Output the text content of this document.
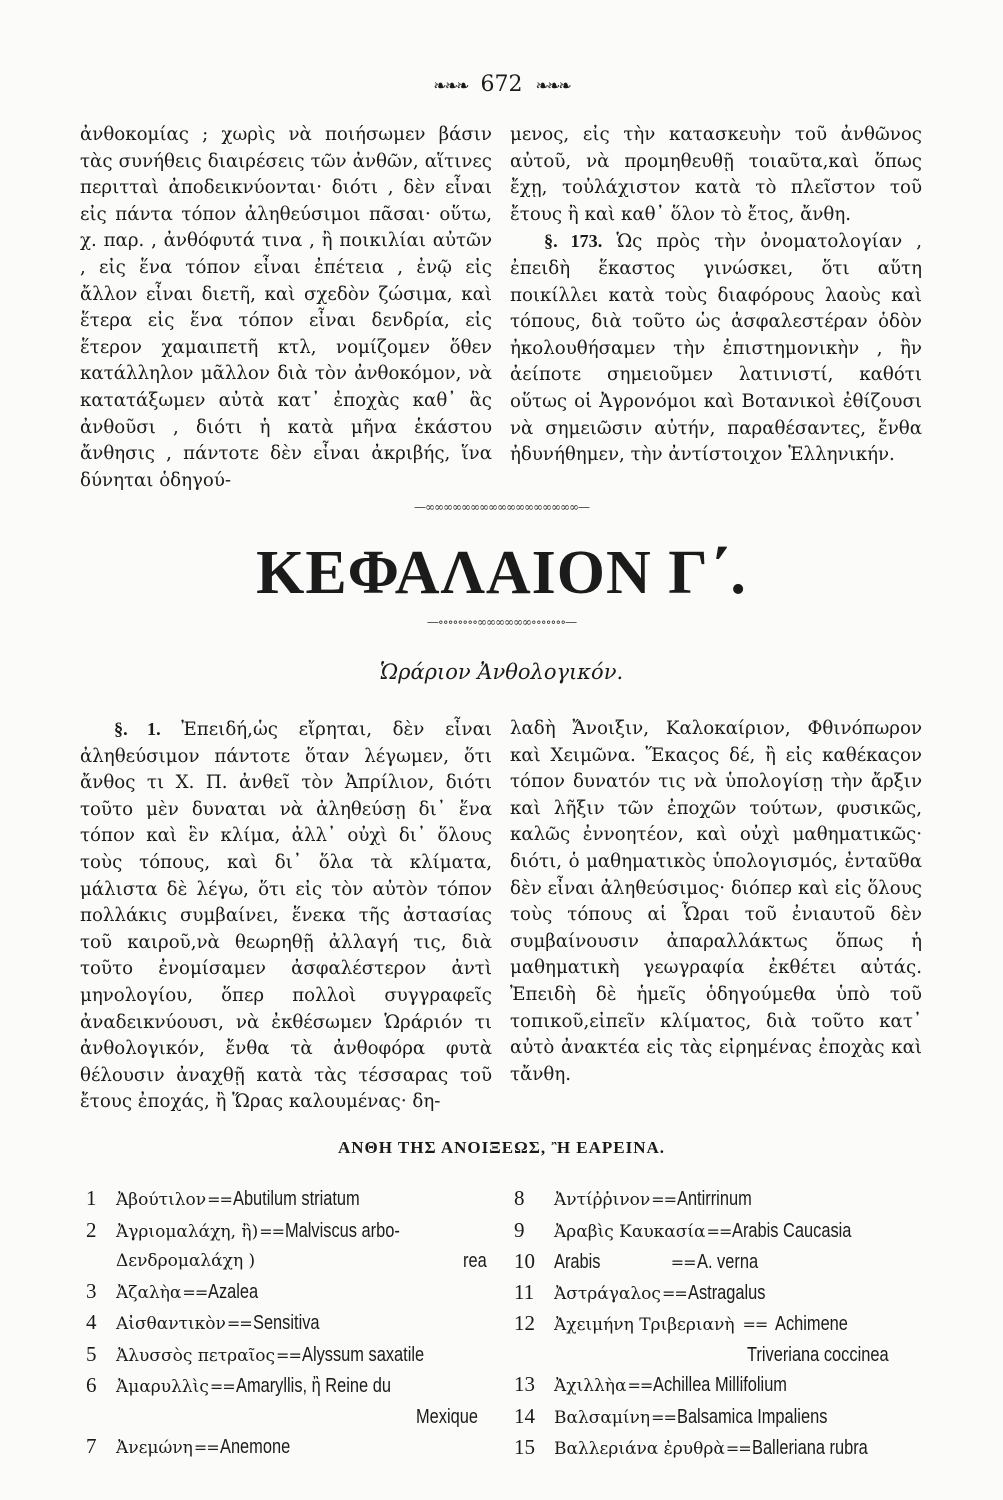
❧❧❧ 672 ❧❧❧

ἀνθοκομίας ; χωρὶς νὰ ποιήσωμεν βάσιν τὰς συνήθεις διαιρέσεις τῶν ἀνθῶν, αἵτινες περιτταὶ ἀποδεικνύονται· διότι , δὲν εἶναι εἰς πάντα τόπον ἀληθεύσιμοι πᾶσαι· οὕτω, χ. παρ. , ἀνθόφυτά τινα , ἢ ποικιλίαι αὐτῶν , εἰς ἕνα τόπον εἶναι ἐπέτεια , ἐνῷ εἰς ἄλλον εἶναι διετῆ, καὶ σχεδὸν ζώσιμα, καὶ ἕτερα εἰς ἕνα τόπον εἶναι δενδρία, εἰς ἕτερον χαμαιπετῆ κτλ, νομίζομεν ὅθεν κατάλληλον μᾶλλον διὰ τὸν ἀνθοκόμον, νὰ κατατάξωμεν αὐτὰ κατ᾽ ἐποχὰς καθ᾽ ἃς ἀνθοῦσι , διότι ἡ κατὰ μῆνα ἑκάστου ἄνθησις , πάντοτε δὲν εἶναι ἀκριβής, ἵνα δύνηται ὁδηγού-

μενος, εἰς τὴν κατασκευὴν τοῦ ἀνθῶνος αὐτοῦ, νὰ προμηθευθῇ τοιαῦτα,καὶ ὅπως ἔχῃ, τοὐλάχιστον κατὰ τὸ πλεῖστον τοῦ ἔτους ἢ καὶ καθ᾽ ὅλον τὸ ἔτος, ἄνθη.

§. 173. Ὡς πρὸς τὴν ὀνοματολογίαν , ἐπειδὴ ἕκαστος γινώσκει, ὅτι αὕτη ποικίλλει κατὰ τοὺς διαφόρους λαοὺς καὶ τόπους, διὰ τοῦτο ὡς ἀσφαλεστέραν ὁδὸν ἠκολουθήσαμεν τὴν ἐπιστημονικὴν , ἣν ἀείποτε σημειοῦμεν λατινιστί, καθότι οὕτως οἱ Ἀγρονόμοι καὶ Βοτανικοὶ ἐθίζουσι νὰ σημειῶσιν αὐτήν, παραθέσαντες, ἔνθα ἠδυνήθημεν, τὴν ἀντίστοιχον Ἑλληνικήν.

—∞∞∞∞∞∞∞∞∞∞∞∞∞∞∞∞∞—
ΚΕΦΑΛΑΙΟΝ Γ΄.
—∘∘∘∘∘∘∘∘∞∞∞∞∞∞∘∘∘∘∘∘∘—
Ὡράριον Ἀνθολογικόν.

§. 1. Ἐπειδή,ὡς εἴρηται, δὲν εἶναι ἀληθεύσιμον πάντοτε ὅταν λέγωμεν, ὅτι ἄνθος τι Χ. Π. ἀνθεῖ τὸν Ἀπρίλιον, διότι τοῦτο μὲν δυναται νὰ ἀληθεύσῃ δι᾽ ἕνα τόπον καὶ ἓν κλίμα, ἀλλ᾽ οὐχὶ δι᾽ ὅλους τοὺς τόπους, καὶ δι᾽ ὅλα τὰ κλίματα, μάλιστα δὲ λέγω, ὅτι εἰς τὸν αὐτὸν τόπον πολλάκις συμβαίνει, ἕνεκα τῆς ἀστασίας τοῦ καιροῦ,νὰ θεωρηθῇ ἀλλαγή τις, διὰ τοῦτο ἐνομίσαμεν ἀσφαλέστερον ἀντὶ μηνολογίου, ὅπερ πολλοὶ συγγραφεῖς ἀναδεικνύουσι, νὰ ἐκθέσωμεν Ὡράριόν τι ἀνθολογικόν, ἔνθα τὰ ἀνθοφόρα φυτὰ θέλουσιν ἀναχθῇ κατὰ τὰς τέσσαρας τοῦ ἔτους ἐποχάς, ἢ Ὥρας καλουμένας· δη-

λαδὴ Ἄνοιξιν, Καλοκαίριον, Φθινόπωρον καὶ Χειμῶνα. Ἕκαςος δέ, ἢ εἰς καθέκαςον τόπον δυνατόν τις νὰ ὑπολογίσῃ τὴν ἄρξιν καὶ λῆξιν τῶν ἐποχῶν τούτων, φυσικῶς, καλῶς ἐννοητέον, καὶ οὐχὶ μαθηματικῶς· διότι, ὁ μαθηματικὸς ὑπολογισμός, ἐνταῦθα δὲν εἶναι ἀληθεύσιμος· διόπερ καὶ εἰς ὅλους τοὺς τόπους αἱ Ὧραι τοῦ ἐνιαυτοῦ δὲν συμβαίνουσιν ἀπαραλλάκτως ὅπως ἡ μαθηματικὴ γεωγραφία ἐκθέτει αὐτάς. Ἐπειδὴ δὲ ἡμεῖς ὁδηγούμεθα ὑπὸ τοῦ τοπικοῦ,εἰπεῖν κλίματος, διὰ τοῦτο κατ᾽ αὐτὸ ἀνακτέα εἰς τὰς εἰρημένας ἐποχὰς καὶ τἄνθη.

ΑΝΘΗ ΤΗΣ ΑΝΟΙΞΕΩΣ, Ἢ ΕΑΡΕΙΝΑ.
1 Ἀβούτιλον==Abutilum striatum
2 Ἀγριομαλάχη, ἢ)==Malviscus arbo-
Δενδρομαλάχη )	rea
3 Ἀζαλὴα==Azalea
4 Αἰσθαντικὸν==Sensitiva
5 Ἀλυσσὸς πετραῖος==Alyssum saxatile
6 Ἀμαρυλλὶς==Amaryllis, ἢ Reine du
Mexique
7 Ἀνεμώνη==Anemone
8 Ἀντίῤῥινον==Antirrinum
9 Ἀραβὶς Καυκασία==Arabis Caucasia
10 Arabis	==A. verna
11 Ἀστράγαλος==Astragalus
12 Ἀχειμήνη Τριβεριανὴ == Achimene
Triveriana coccinea
13 Ἀχιλλὴα==Achillea Millifolium
14 Βαλσαμίνη==Balsamica Impaliens
15 Βαλλεριάνα ἐρυθρὰ==Balleriana rubra
